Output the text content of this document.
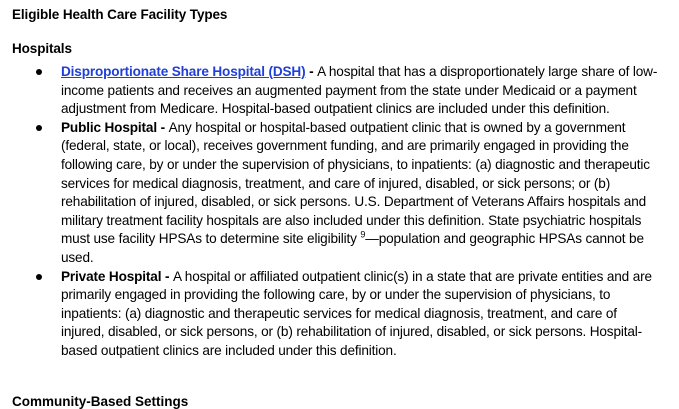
Eligible Health Care Facility Types
Hospitals
Disproportionate Share Hospital (DSH) - A hospital that has a disproportionately large share of low-income patients and receives an augmented payment from the state under Medicaid or a payment adjustment from Medicare. Hospital-based outpatient clinics are included under this definition.
Public Hospital - Any hospital or hospital-based outpatient clinic that is owned by a government (federal, state, or local), receives government funding, and are primarily engaged in providing the following care, by or under the supervision of physicians, to inpatients: (a) diagnostic and therapeutic services for medical diagnosis, treatment, and care of injured, disabled, or sick persons; or (b) rehabilitation of injured, disabled, or sick persons. U.S. Department of Veterans Affairs hospitals and military treatment facility hospitals are also included under this definition. State psychiatric hospitals must use facility HPSAs to determine site eligibility $^9$—population and geographic HPSAs cannot be used.
Private Hospital - A hospital or affiliated outpatient clinic(s) in a state that are private entities and are primarily engaged in providing the following care, by or under the supervision of physicians, to inpatients: (a) diagnostic and therapeutic services for medical diagnosis, treatment, and care of injured, disabled, or sick persons, or (b) rehabilitation of injured, disabled, or sick persons. Hospital-based outpatient clinics are included under this definition.
Community-Based Settings
